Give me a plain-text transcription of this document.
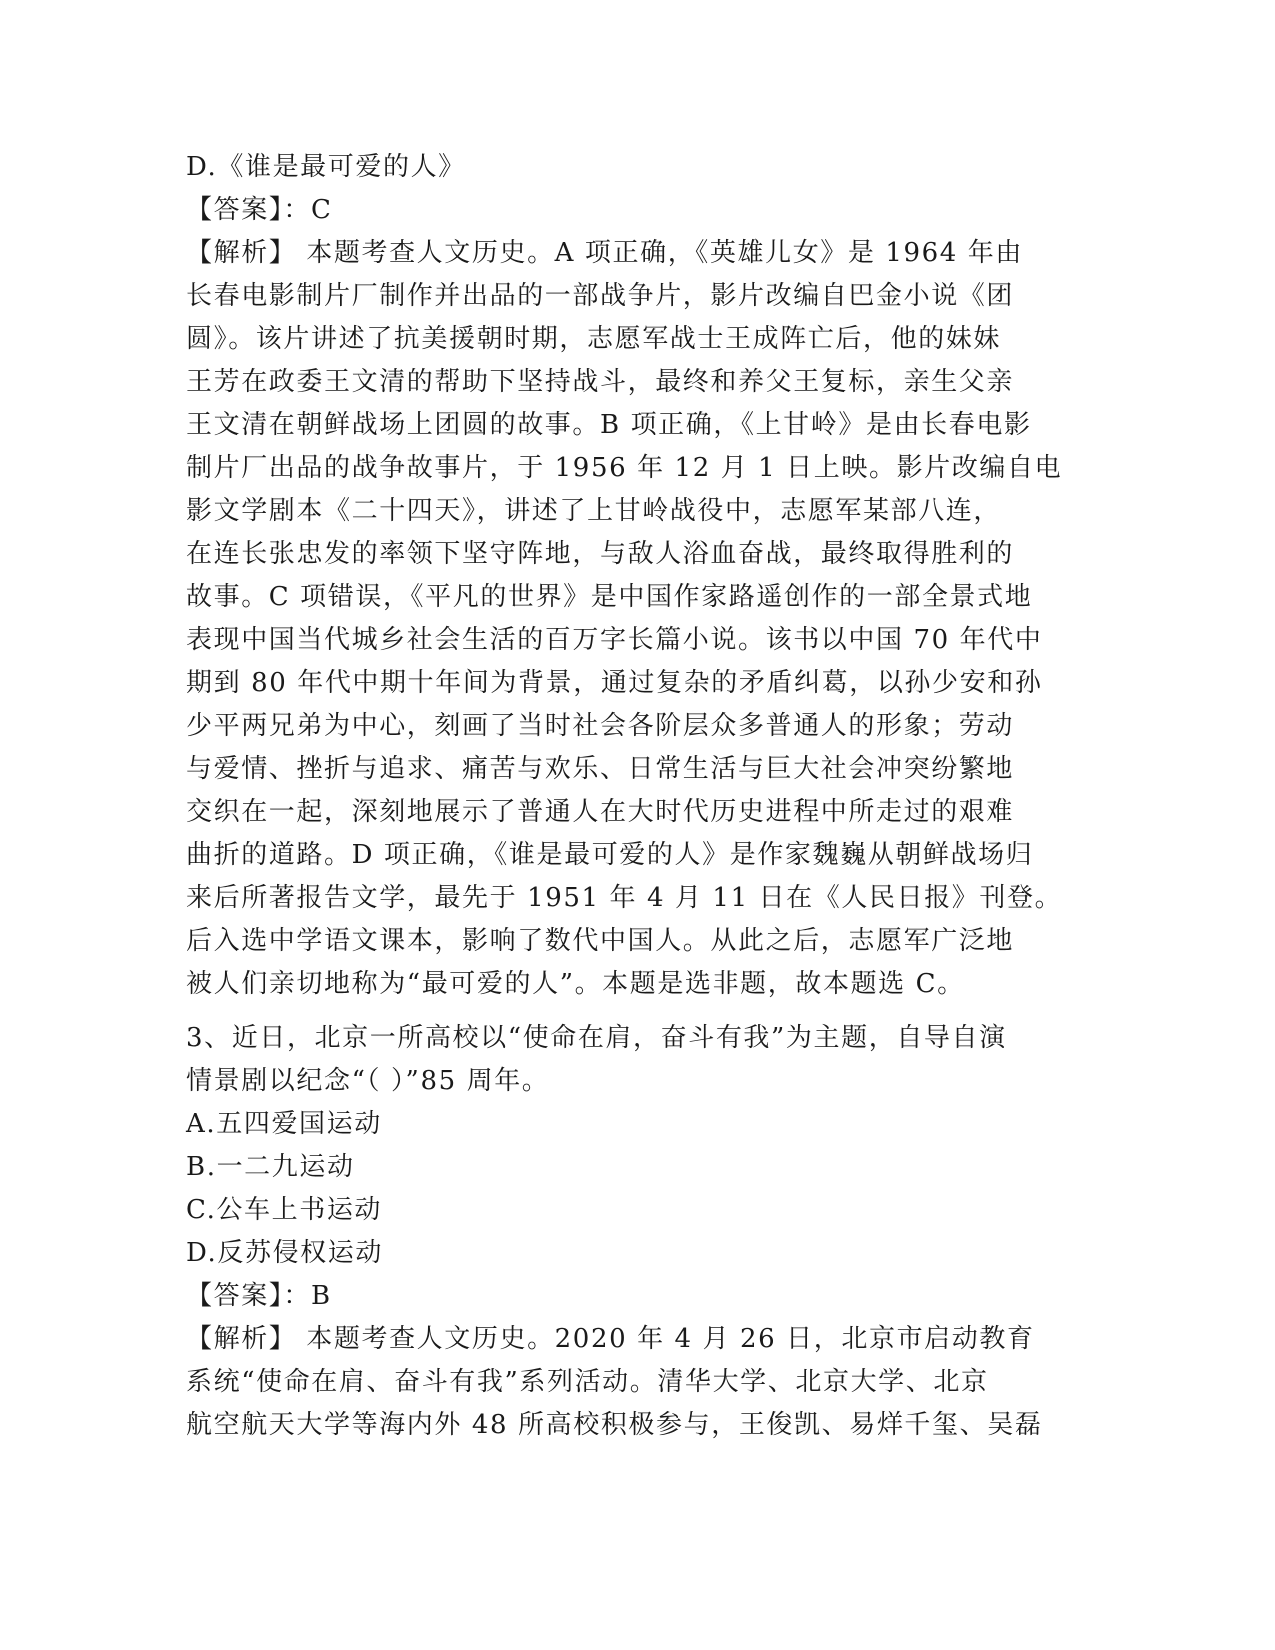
D.《谁是最可爱的人》
【答案】：C
【解析】 本题考查人文历史。A 项正确，《英雄儿女》是 1964 年由
长春电影制片厂制作并出品的一部战争片，影片改编自巴金小说《团
圆》。该片讲述了抗美援朝时期，志愿军战士王成阵亡后，他的妹妹
王芳在政委王文清的帮助下坚持战斗，最终和养父王复标，亲生父亲
王文清在朝鲜战场上团圆的故事。B 项正确，《上甘岭》是由长春电影
制片厂出品的战争故事片，于 1956 年 12 月 1 日上映。影片改编自电
影文学剧本《二十四天》，讲述了上甘岭战役中，志愿军某部八连，
在连长张忠发的率领下坚守阵地，与敌人浴血奋战，最终取得胜利的
故事。C 项错误，《平凡的世界》是中国作家路遥创作的一部全景式地
表现中国当代城乡社会生活的百万字长篇小说。该书以中国 70 年代中
期到 80 年代中期十年间为背景，通过复杂的矛盾纠葛，以孙少安和孙
少平两兄弟为中心，刻画了当时社会各阶层众多普通人的形象；劳动
与爱情、挫折与追求、痛苦与欢乐、日常生活与巨大社会冲突纷繁地
交织在一起，深刻地展示了普通人在大时代历史进程中所走过的艰难
曲折的道路。D 项正确，《谁是最可爱的人》是作家魏巍从朝鲜战场归
来后所著报告文学，最先于 1951 年 4 月 11 日在《人民日报》刊登。
后入选中学语文课本，影响了数代中国人。从此之后，志愿军广泛地
被人们亲切地称为“最可爱的人”。本题是选非题，故本题选 C。
3、近日，北京一所高校以“使命在肩，奋斗有我”为主题，自导自演
情景剧以纪念“（ ）”85 周年。
A.五四爱国运动
B.一二九运动
C.公车上书运动
D.反苏侵权运动
【答案】：B
【解析】 本题考查人文历史。2020 年 4 月 26 日，北京市启动教育
系统“使命在肩、奋斗有我”系列活动。清华大学、北京大学、北京
航空航天大学等海内外 48 所高校积极参与，王俊凯、易烊千玺、吴磊
